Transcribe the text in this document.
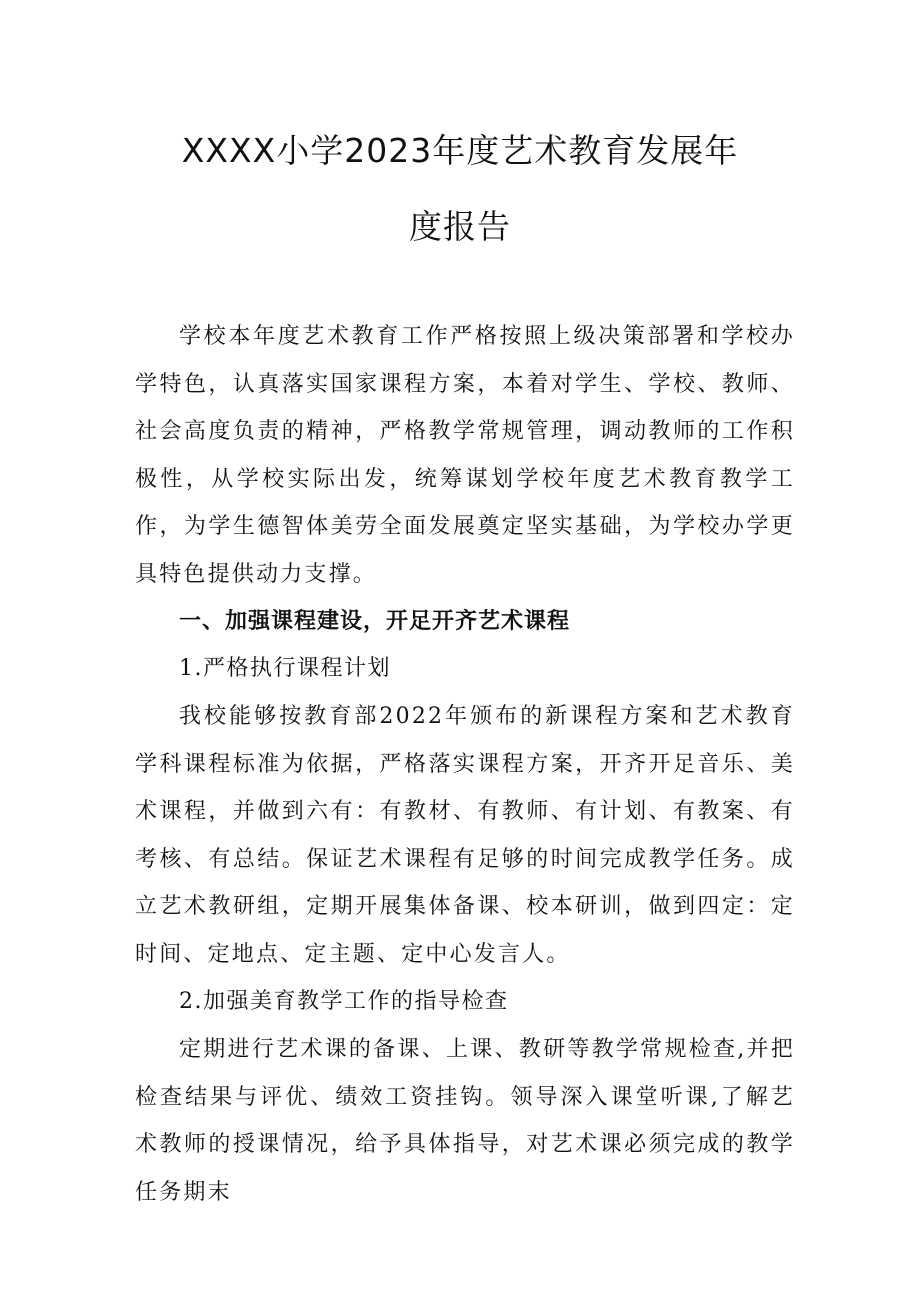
XXXX小学2023年度艺术教育发展年
度报告

学校本年度艺术教育工作严格按照上级决策部署和学校办学特色，认真落实国家课程方案，本着对学生、学校、教师、社会高度负责的精神，严格教学常规管理，调动教师的工作积极性，从学校实际出发，统筹谋划学校年度艺术教育教学工作，为学生德智体美劳全面发展奠定坚实基础，为学校办学更具特色提供动力支撑。

一、加强课程建设，开足开齐艺术课程

1.严格执行课程计划

我校能够按教育部2022年颁布的新课程方案和艺术教育学科课程标准为依据，严格落实课程方案，开齐开足音乐、美术课程，并做到六有：有教材、有教师、有计划、有教案、有考核、有总结。保证艺术课程有足够的时间完成教学任务。成立艺术教研组，定期开展集体备课、校本研训，做到四定：定时间、定地点、定主题、定中心发言人。

2.加强美育教学工作的指导检查

定期进行艺术课的备课、上课、教研等教学常规检查,并把检查结果与评优、绩效工资挂钩。领导深入课堂听课,了解艺术教师的授课情况，给予具体指导，对艺术课必须完成的教学任务期末
